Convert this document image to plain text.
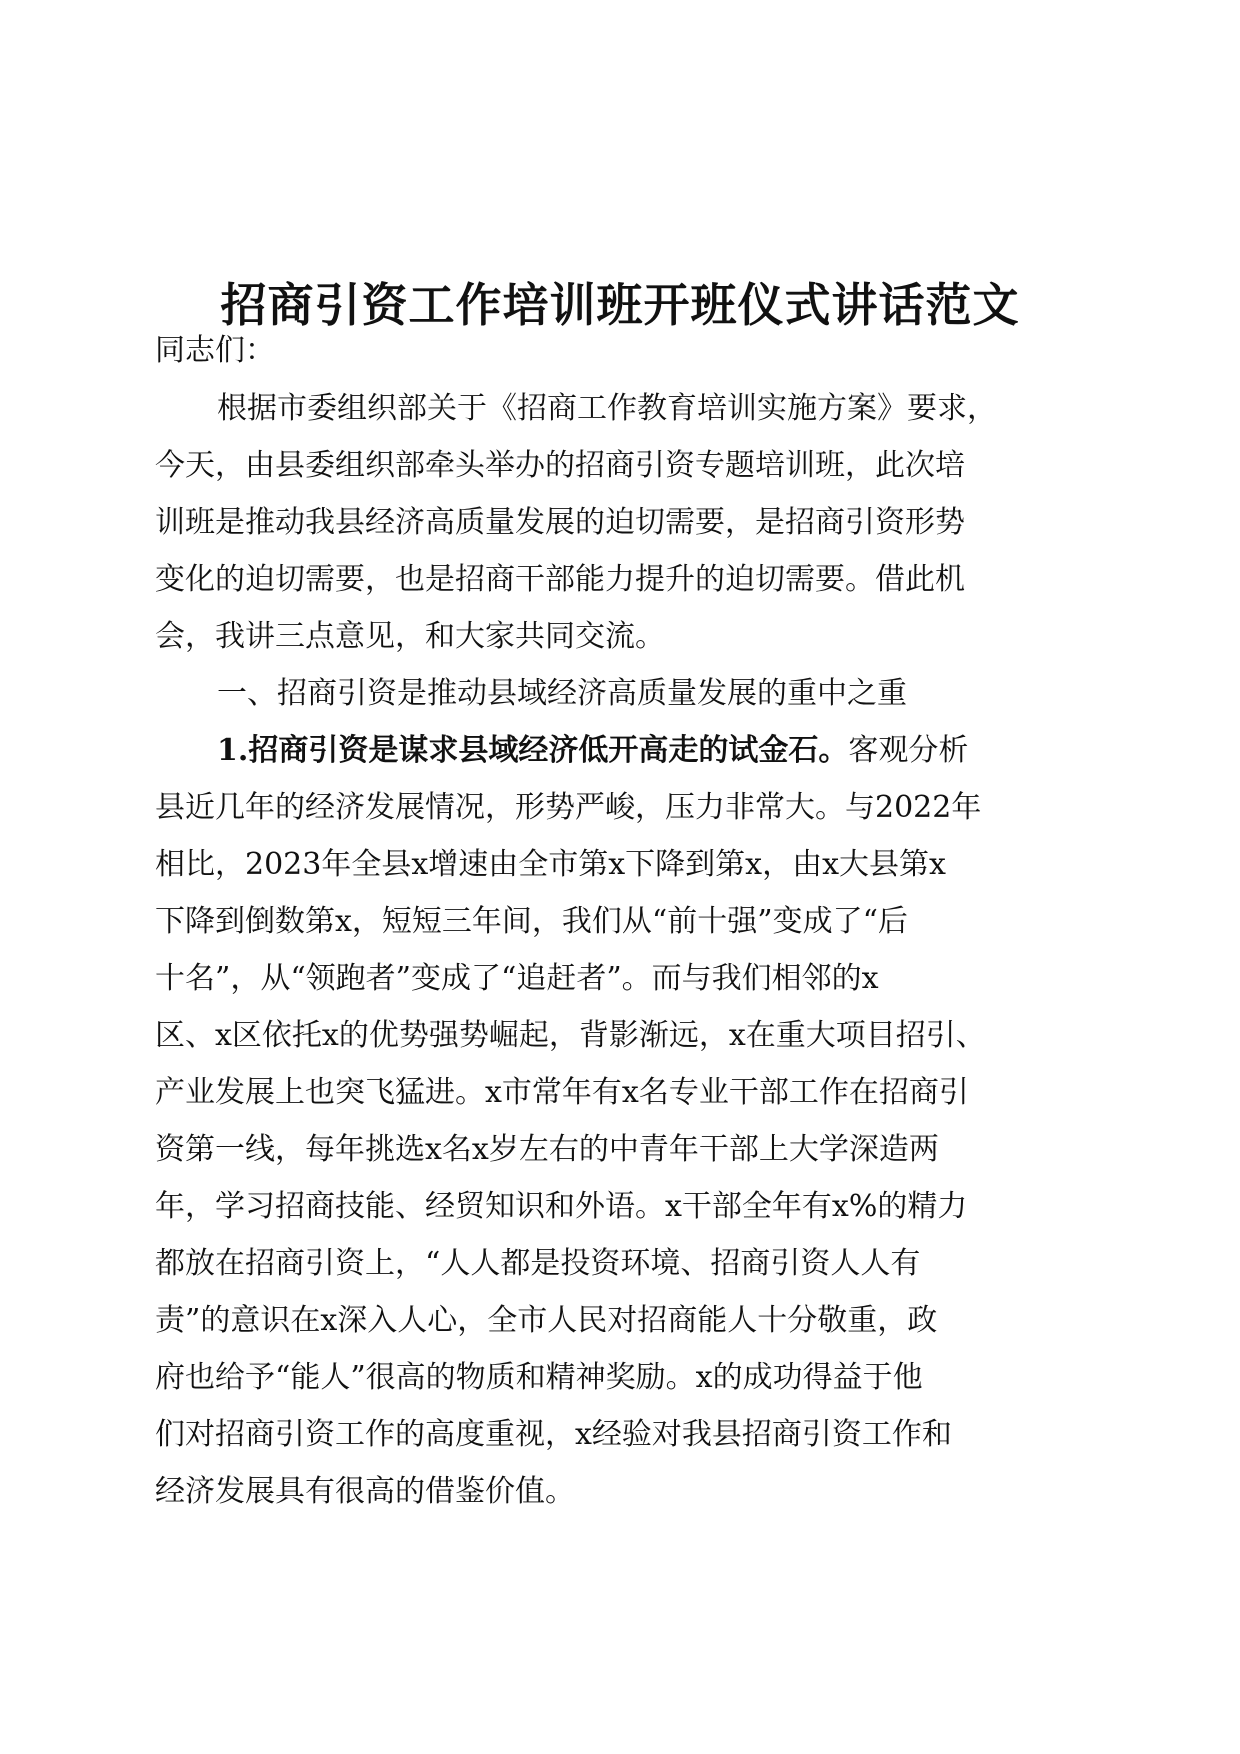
招商引资工作培训班开班仪式讲话范文
同志们：
根据市委组织部关于《招商工作教育培训实施方案》要求，
今天，由县委组织部牵头举办的招商引资专题培训班，此次培
训班是推动我县经济高质量发展的迫切需要，是招商引资形势
变化的迫切需要，也是招商干部能力提升的迫切需要。借此机
会，我讲三点意见，和大家共同交流。
一、招商引资是推动县域经济高质量发展的重中之重
1.招商引资是谋求县域经济低开高走的试金石。客观分析
县近几年的经济发展情况，形势严峻，压力非常大。与2022年
相比，2023年全县x增速由全市第x下降到第x，由x大县第x
下降到倒数第x，短短三年间，我们从“前十强”变成了“后
十名”，从“领跑者”变成了“追赶者”。而与我们相邻的x
区、x区依托x的优势强势崛起，背影渐远，x在重大项目招引、
产业发展上也突飞猛进。x市常年有x名专业干部工作在招商引
资第一线，每年挑选x名x岁左右的中青年干部上大学深造两
年，学习招商技能、经贸知识和外语。x干部全年有x%的精力
都放在招商引资上，“人人都是投资环境、招商引资人人有
责”的意识在x深入人心，全市人民对招商能人十分敬重，政
府也给予“能人”很高的物质和精神奖励。x的成功得益于他
们对招商引资工作的高度重视，x经验对我县招商引资工作和
经济发展具有很高的借鉴价值。
